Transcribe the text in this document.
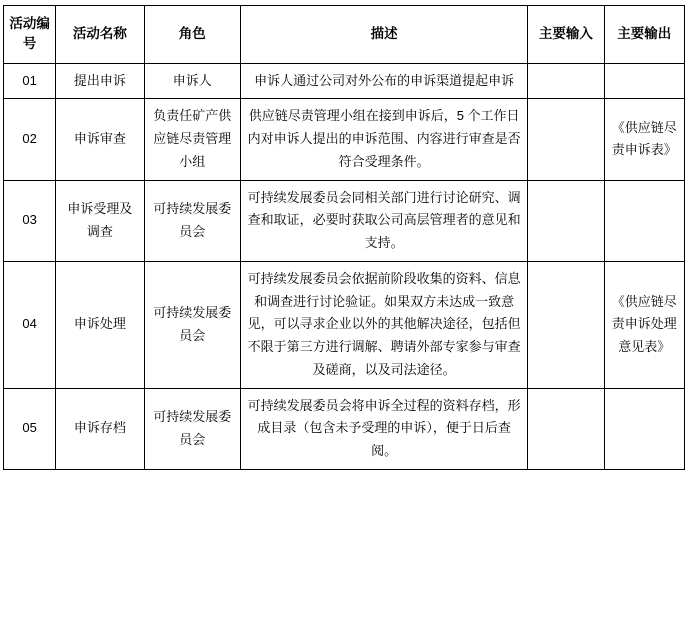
活动编号	活动名称	角色	描述	主要输入	主要输出

01	提出申诉	申诉人	申诉人通过公司对外公布的申诉渠道提起申诉		
02	申诉审查	负责任矿产供应链尽责管理小组	供应链尽责管理小组在接到申诉后，5 个工作日内对申诉人提出的申诉范围、内容进行审查是否符合受理条件。		《供应链尽责申诉表》
03	申诉受理及调查	可持续发展委员会	可持续发展委员会同相关部门进行讨论研究、调查和取证，必要时获取公司高层管理者的意见和支持。		
04	申诉处理	可持续发展委员会	可持续发展委员会依据前阶段收集的资料、信息和调查进行讨论验证。如果双方未达成一致意见，可以寻求企业以外的其他解决途径，包括但不限于第三方进行调解、聘请外部专家参与审查及磋商，以及司法途径。		《供应链尽责申诉处理意见表》
05	申诉存档	可持续发展委员会	可持续发展委员会将申诉全过程的资料存档，形成目录（包含未予受理的申诉），便于日后查阅。		
